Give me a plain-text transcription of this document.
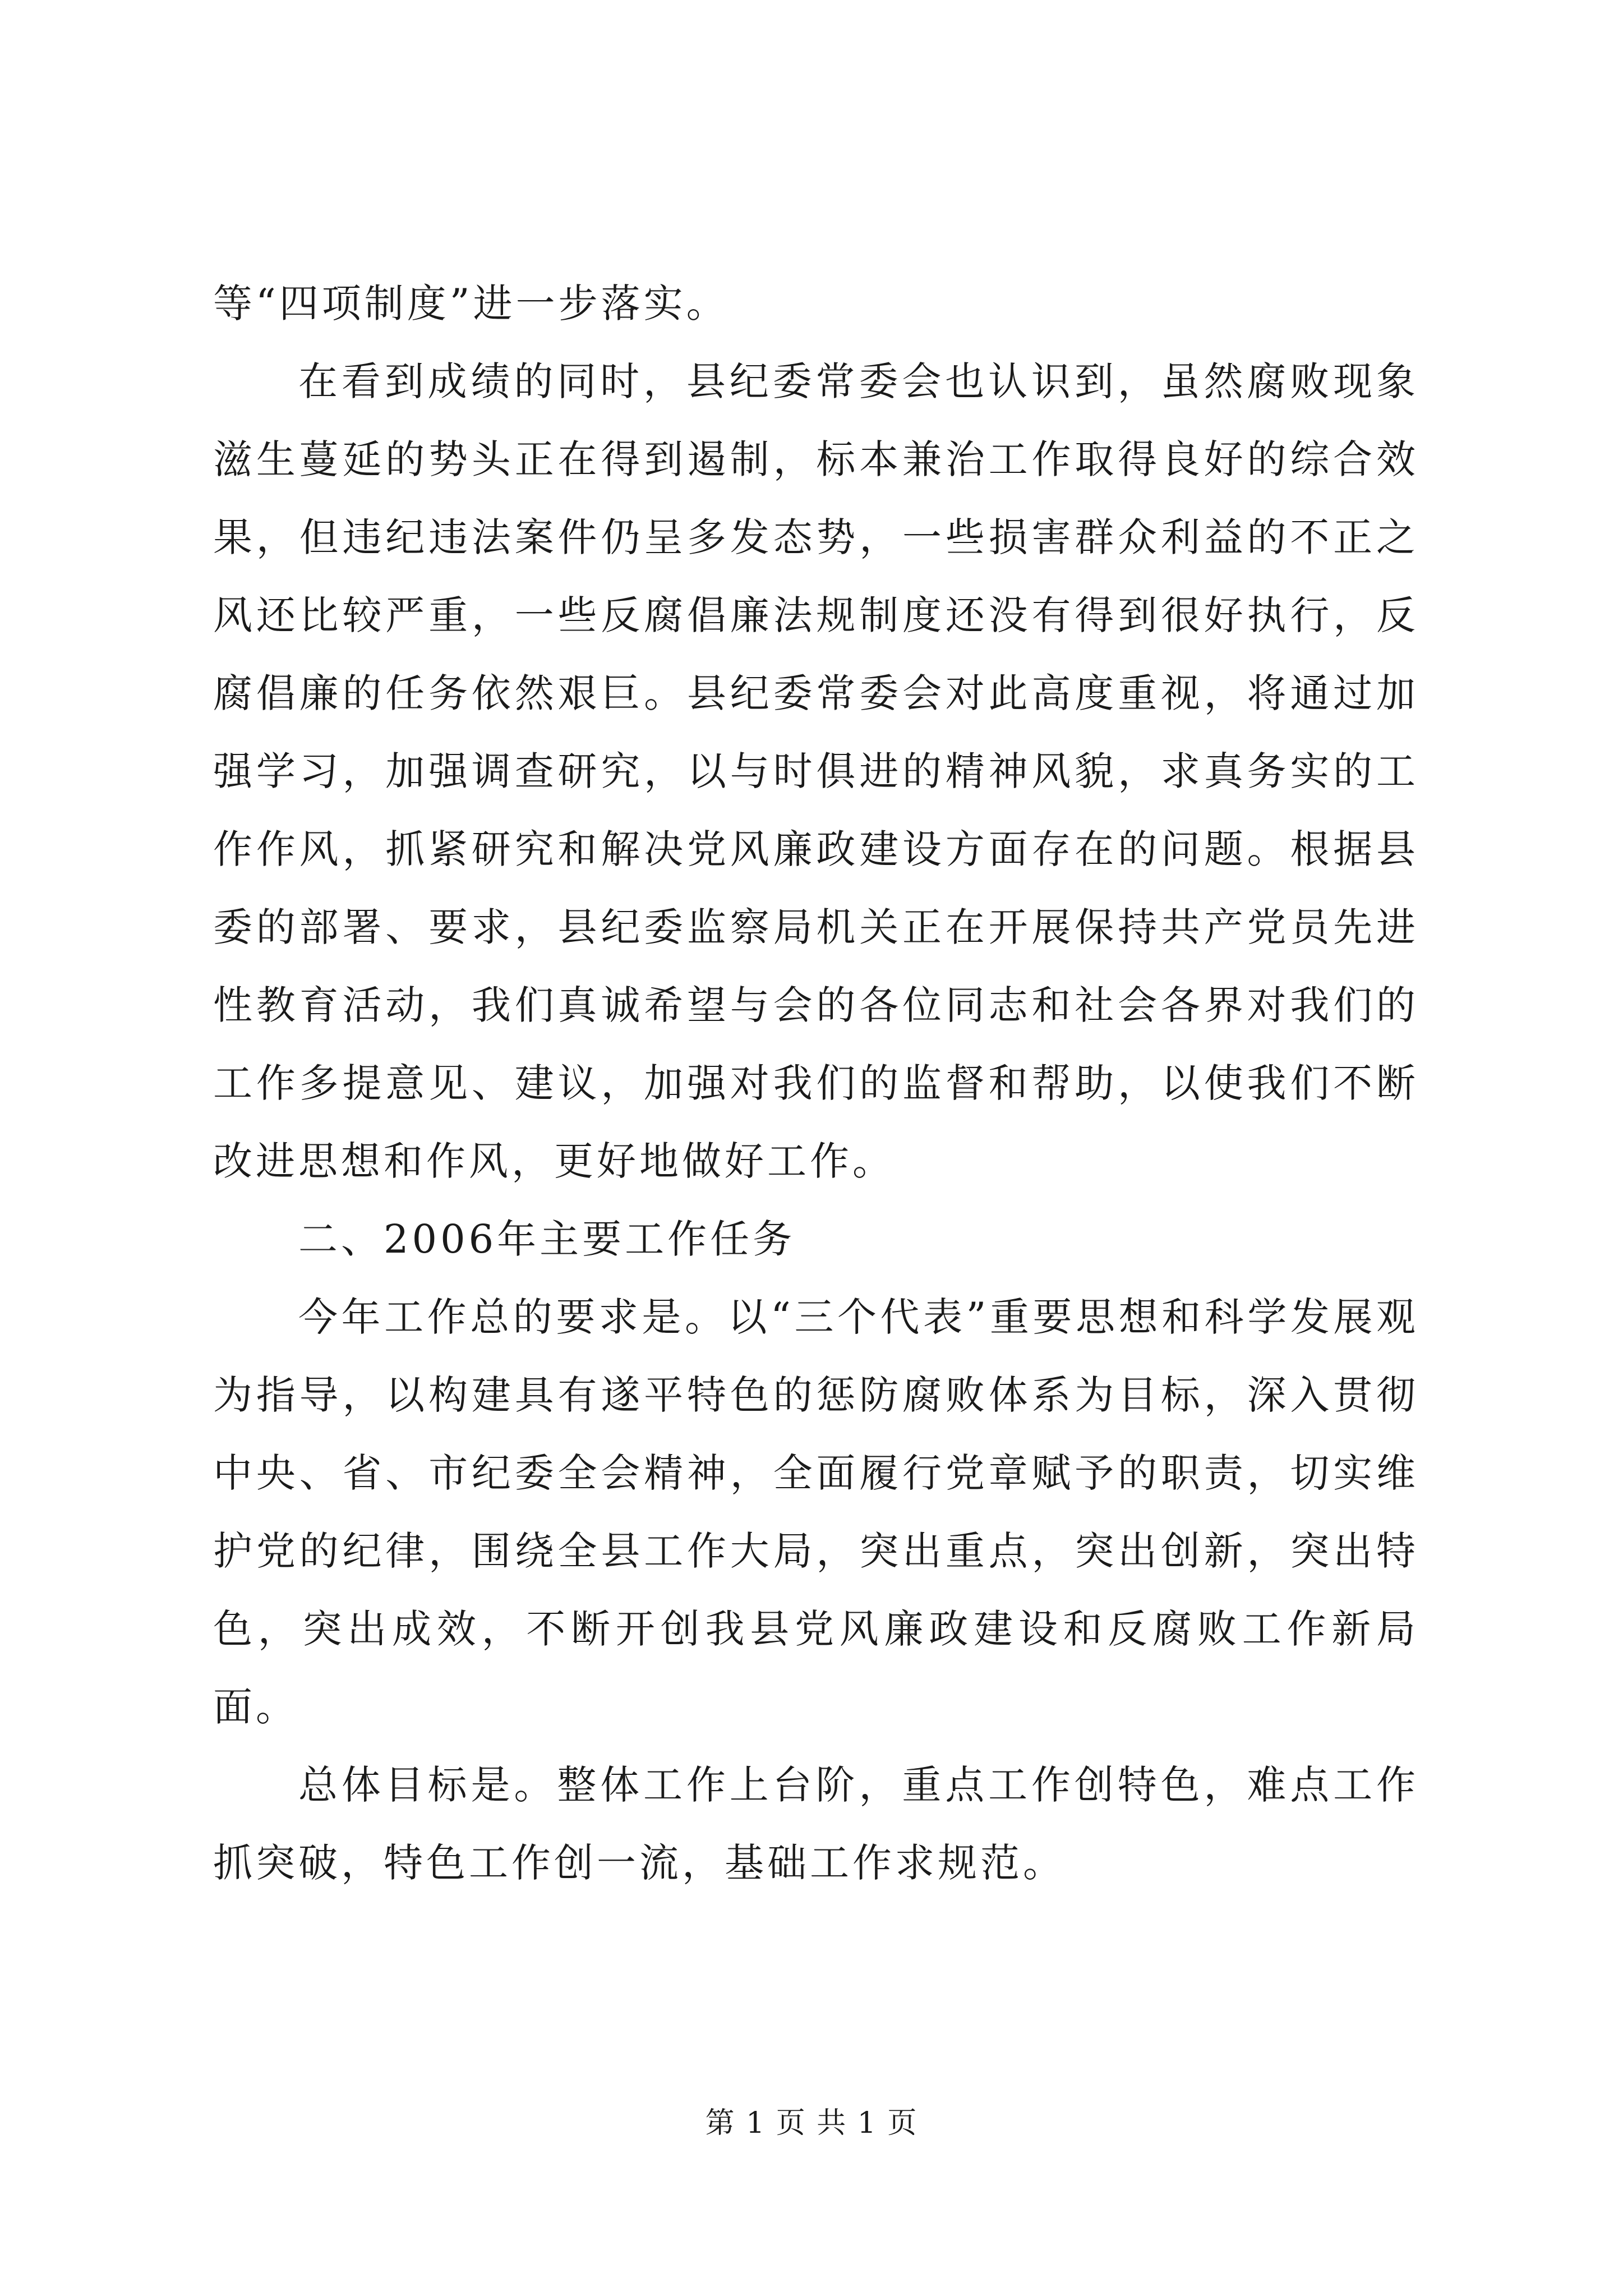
等“四项制度”进一步落实。

在看到成绩的同时，县纪委常委会也认识到，虽然腐败现象滋生蔓延的势头正在得到遏制，标本兼治工作取得良好的综合效果，但违纪违法案件仍呈多发态势，一些损害群众利益的不正之风还比较严重，一些反腐倡廉法规制度还没有得到很好执行，反腐倡廉的任务依然艰巨。县纪委常委会对此高度重视，将通过加强学习，加强调查研究，以与时俱进的精神风貌，求真务实的工作作风，抓紧研究和解决党风廉政建设方面存在的问题。根据县委的部署、要求，县纪委监察局机关正在开展保持共产党员先进性教育活动，我们真诚希望与会的各位同志和社会各界对我们的工作多提意见、建议，加强对我们的监督和帮助，以使我们不断改进思想和作风，更好地做好工作。

二、2006年主要工作任务

今年工作总的要求是。以“三个代表”重要思想和科学发展观为指导，以构建具有遂平特色的惩防腐败体系为目标，深入贯彻中央、省、市纪委全会精神，全面履行党章赋予的职责，切实维护党的纪律，围绕全县工作大局，突出重点，突出创新，突出特色，突出成效，不断开创我县党风廉政建设和反腐败工作新局面。

总体目标是。整体工作上台阶，重点工作创特色，难点工作抓突破，特色工作创一流，基础工作求规范。

第 1 页 共 1 页
